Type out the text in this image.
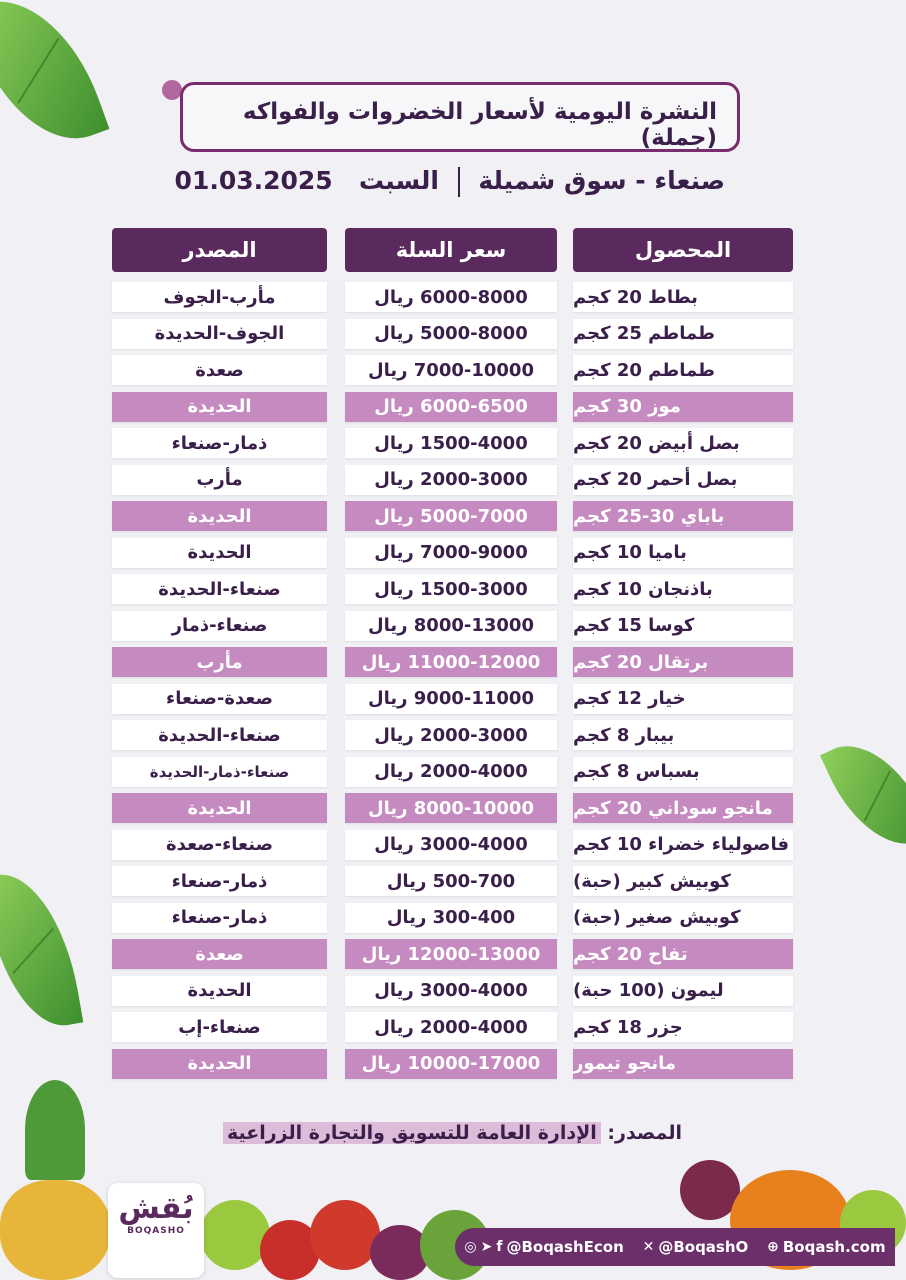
النشرة اليومية لأسعار الخضروات والفواكه (جملة)
صنعاء - سوق شميلة  السبت   01.03.2025
المحصول
بطاط 20 كجم
طماطم 25 كجم
طماطم 20 كجم
موز 30 كجم
بصل أبيض 20 كجم
بصل أحمر 20 كجم
باباي 30-25 كجم
باميا 10 كجم
باذنجان 10 كجم
كوسا 15 كجم
برتقال 20 كجم
خيار 12 كجم
بيبار 8 كجم
بسباس 8 كجم
مانجو سوداني 20 كجم
فاصولياء خضراء 10 كجم
كوبيش كبير (حبة)
كوبيش صغير (حبة)
تفاح 20 كجم
ليمون (100 حبة)
جزر 18 كجم
مانجو تيمور
سعر السلة
6000-8000 ريال
5000-8000 ريال
7000-10000 ريال
6000-6500 ريال
1500-4000 ريال
2000-3000 ريال
5000-7000 ريال
7000-9000 ريال
1500-3000 ريال
8000-13000 ريال
11000-12000 ريال
9000-11000 ريال
2000-3000 ريال
2000-4000 ريال
8000-10000 ريال
3000-4000 ريال
500-700 ريال
300-400 ريال
12000-13000 ريال
3000-4000 ريال
2000-4000 ريال
10000-17000 ريال
المصدر
مأرب-الجوف
الجوف-الحديدة
صعدة
الحديدة
ذمار-صنعاء
مأرب
الحديدة
الحديدة
صنعاء-الحديدة
صنعاء-ذمار
مأرب
صعدة-صنعاء
صنعاء-الحديدة
صنعاء-ذمار-الحديدة
الحديدة
صنعاء-صعدة
ذمار-صنعاء
ذمار-صنعاء
صعدة
الحديدة
صنعاء-إب
الحديدة
المصدر: الإدارة العامة للتسويق والتجارة الزراعية
بُقش
BOQASHO
◎ ➤ f @BoqashEcon ✕ @BoqashO ⊕ Boqash.com
